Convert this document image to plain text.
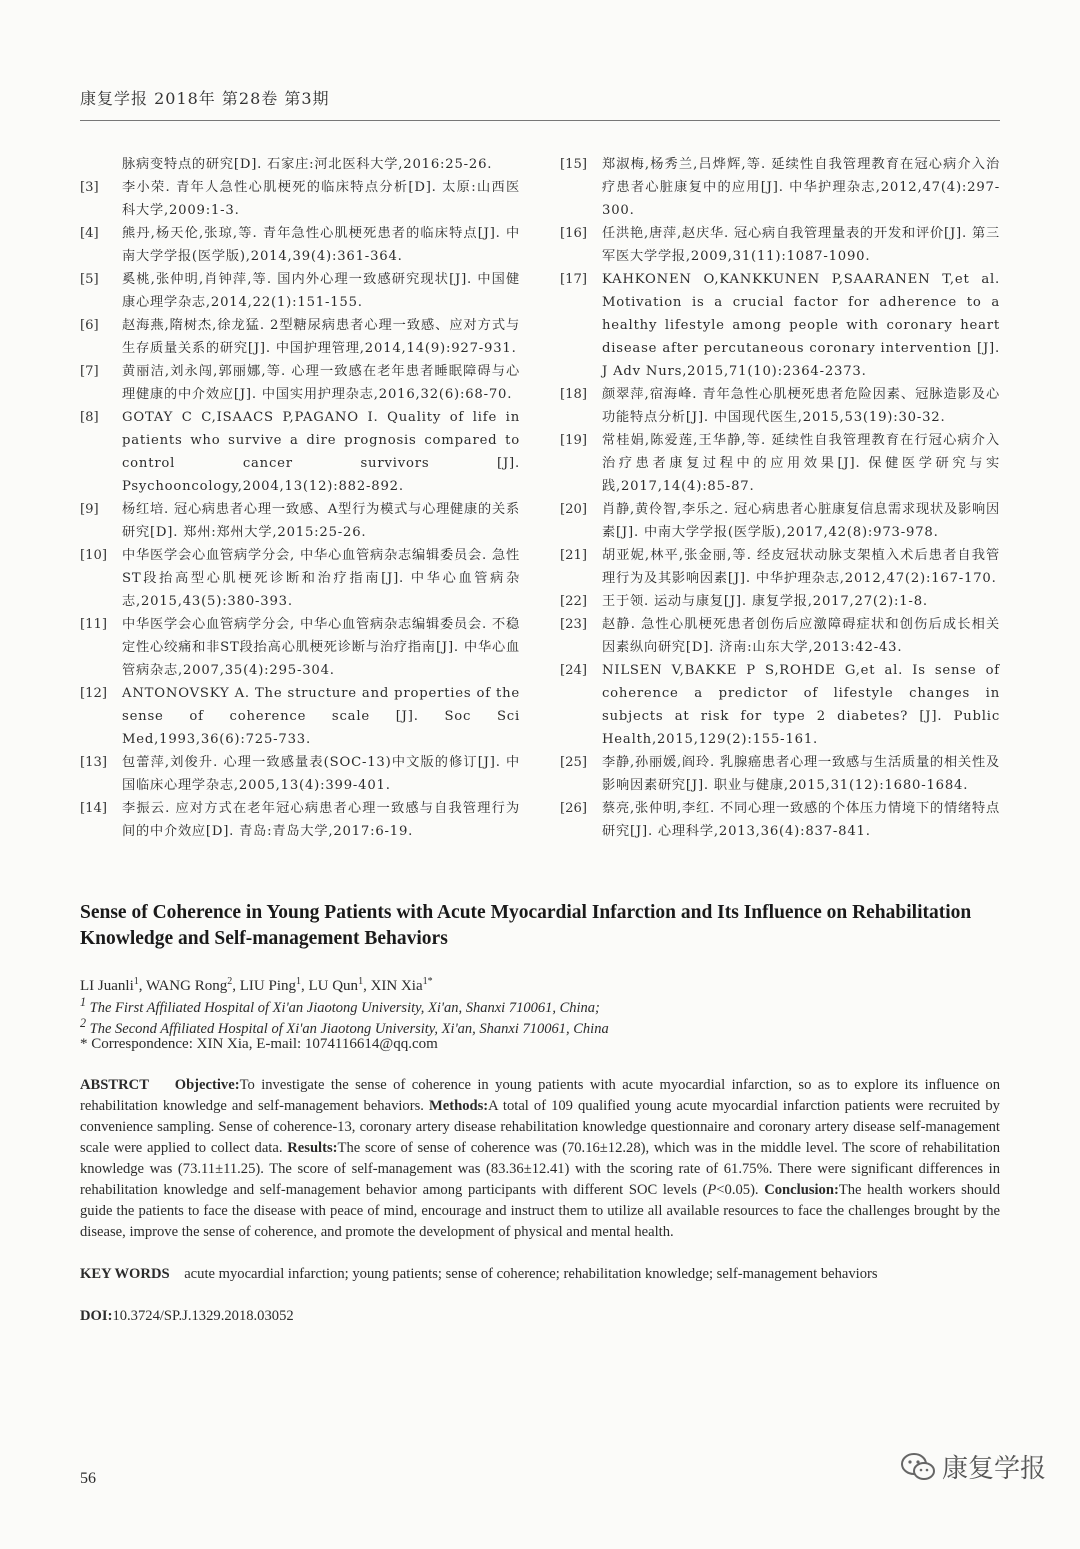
康复学报 2018年 第28卷 第3期
脉病变特点的研究[D]. 石家庄:河北医科大学,2016:25-26.
[3]	李小荣. 青年人急性心肌梗死的临床特点分析[D]. 太原:山西医科大学,2009:1-3.
[4]	熊丹,杨天伦,张琼,等. 青年急性心肌梗死患者的临床特点[J]. 中南大学学报(医学版),2014,39(4):361-364.
[5]	奚桃,张仲明,肖钟萍,等. 国内外心理一致感研究现状[J]. 中国健康心理学杂志,2014,22(1):151-155.
[6]	赵海燕,隋树杰,徐龙猛. 2型糖尿病患者心理一致感、应对方式与生存质量关系的研究[J]. 中国护理管理,2014,14(9):927-931.
[7]	黄丽洁,刘永闯,郭丽娜,等. 心理一致感在老年患者睡眠障碍与心理健康的中介效应[J]. 中国实用护理杂志,2016,32(6):68-70.
[8]	GOTAY C C,ISAACS P,PAGANO I. Quality of life in patients who survive a dire prognosis compared to control cancer survivors [J]. Psychooncology,2004,13(12):882-892.
[9]	杨红培. 冠心病患者心理一致感、A型行为模式与心理健康的关系研究[D]. 郑州:郑州大学,2015:25-26.
[10]	中华医学会心血管病学分会, 中华心血管病杂志编辑委员会. 急性ST段抬高型心肌梗死诊断和治疗指南[J]. 中华心血管病杂志,2015,43(5):380-393.
[11]	中华医学会心血管病学分会, 中华心血管病杂志编辑委员会. 不稳定性心绞痛和非ST段抬高心肌梗死诊断与治疗指南[J]. 中华心血管病杂志,2007,35(4):295-304.
[12]	ANTONOVSKY A. The structure and properties of the sense of coherence scale [J]. Soc Sci Med,1993,36(6):725-733.
[13]	包蕾萍,刘俊升. 心理一致感量表(SOC-13)中文版的修订[J]. 中国临床心理学杂志,2005,13(4):399-401.
[14]	李振云. 应对方式在老年冠心病患者心理一致感与自我管理行为间的中介效应[D]. 青岛:青岛大学,2017:6-19.
[15]	郑淑梅,杨秀兰,吕烨辉,等. 延续性自我管理教育在冠心病介入治疗患者心脏康复中的应用[J]. 中华护理杂志,2012,47(4):297-300.
[16]	任洪艳,唐萍,赵庆华. 冠心病自我管理量表的开发和评价[J]. 第三军医大学学报,2009,31(11):1087-1090.
[17]	KAHKONEN O,KANKKUNEN P,SAARANEN T,et al. Motivation is a crucial factor for adherence to a healthy lifestyle among people with coronary heart disease after percutaneous coronary intervention [J]. J Adv Nurs,2015,71(10):2364-2373.
[18]	颜翠萍,宿海峰. 青年急性心肌梗死患者危险因素、冠脉造影及心功能特点分析[J]. 中国现代医生,2015,53(19):30-32.
[19]	常桂娟,陈爱莲,王华静,等. 延续性自我管理教育在行冠心病介入治疗患者康复过程中的应用效果[J]. 保健医学研究与实践,2017,14(4):85-87.
[20]	肖静,黄伶智,李乐之. 冠心病患者心脏康复信息需求现状及影响因素[J]. 中南大学学报(医学版),2017,42(8):973-978.
[21]	胡亚妮,林平,张金丽,等. 经皮冠状动脉支架植入术后患者自我管理行为及其影响因素[J]. 中华护理杂志,2012,47(2):167-170.
[22]	王于领. 运动与康复[J]. 康复学报,2017,27(2):1-8.
[23]	赵静. 急性心肌梗死患者创伤后应激障碍症状和创伤后成长相关因素纵向研究[D]. 济南:山东大学,2013:42-43.
[24]	NILSEN V,BAKKE P S,ROHDE G,et al. Is sense of coherence a predictor of lifestyle changes in subjects at risk for type 2 diabetes? [J]. Public Health,2015,129(2):155-161.
[25]	李静,孙丽媛,阎玲. 乳腺癌患者心理一致感与生活质量的相关性及影响因素研究[J]. 职业与健康,2015,31(12):1680-1684.
[26]	蔡亮,张仲明,李红. 不同心理一致感的个体压力情境下的情绪特点研究[J]. 心理科学,2013,36(4):837-841.
Sense of Coherence in Young Patients with Acute Myocardial Infarction and Its Influence on Rehabilitation Knowledge and Self-management Behaviors
LI Juanli$^1$, WANG Rong$^2$, LIU Ping$^1$, LU Qun$^1$, XIN Xia$^{1*}$
$^1$ The First Affiliated Hospital of Xi'an Jiaotong University, Xi'an, Shanxi 710061, China;
$^2$ The Second Affiliated Hospital of Xi'an Jiaotong University, Xi'an, Shanxi 710061, China
* Correspondence: XIN Xia, E-mail: 1074116614@qq.com
ABSTRCT Objective:To investigate the sense of coherence in young patients with acute myocardial infarction, so as to explore its influence on rehabilitation knowledge and self-management behaviors. Methods:A total of 109 qualified young acute myocardial infarction patients were recruited by convenience sampling. Sense of coherence-13, coronary artery disease rehabilitation knowledge questionnaire and coronary artery disease self-management scale were applied to collect data. Results:The score of sense of coherence was (70.16±12.28), which was in the middle level. The score of rehabilitation knowledge was (73.11±11.25). The score of self-management was (83.36±12.41) with the scoring rate of 61.75%. There were significant differences in rehabilitation knowledge and self-management behavior among participants with different SOC levels (P<0.05). Conclusion:The health workers should guide the patients to face the disease with peace of mind, encourage and instruct them to utilize all available resources to face the challenges brought by the disease, improve the sense of coherence, and promote the development of physical and mental health.
KEY WORDS acute myocardial infarction; young patients; sense of coherence; rehabilitation knowledge; self-management behaviors
DOI:10.3724/SP.J.1329.2018.03052
56	康复学报
